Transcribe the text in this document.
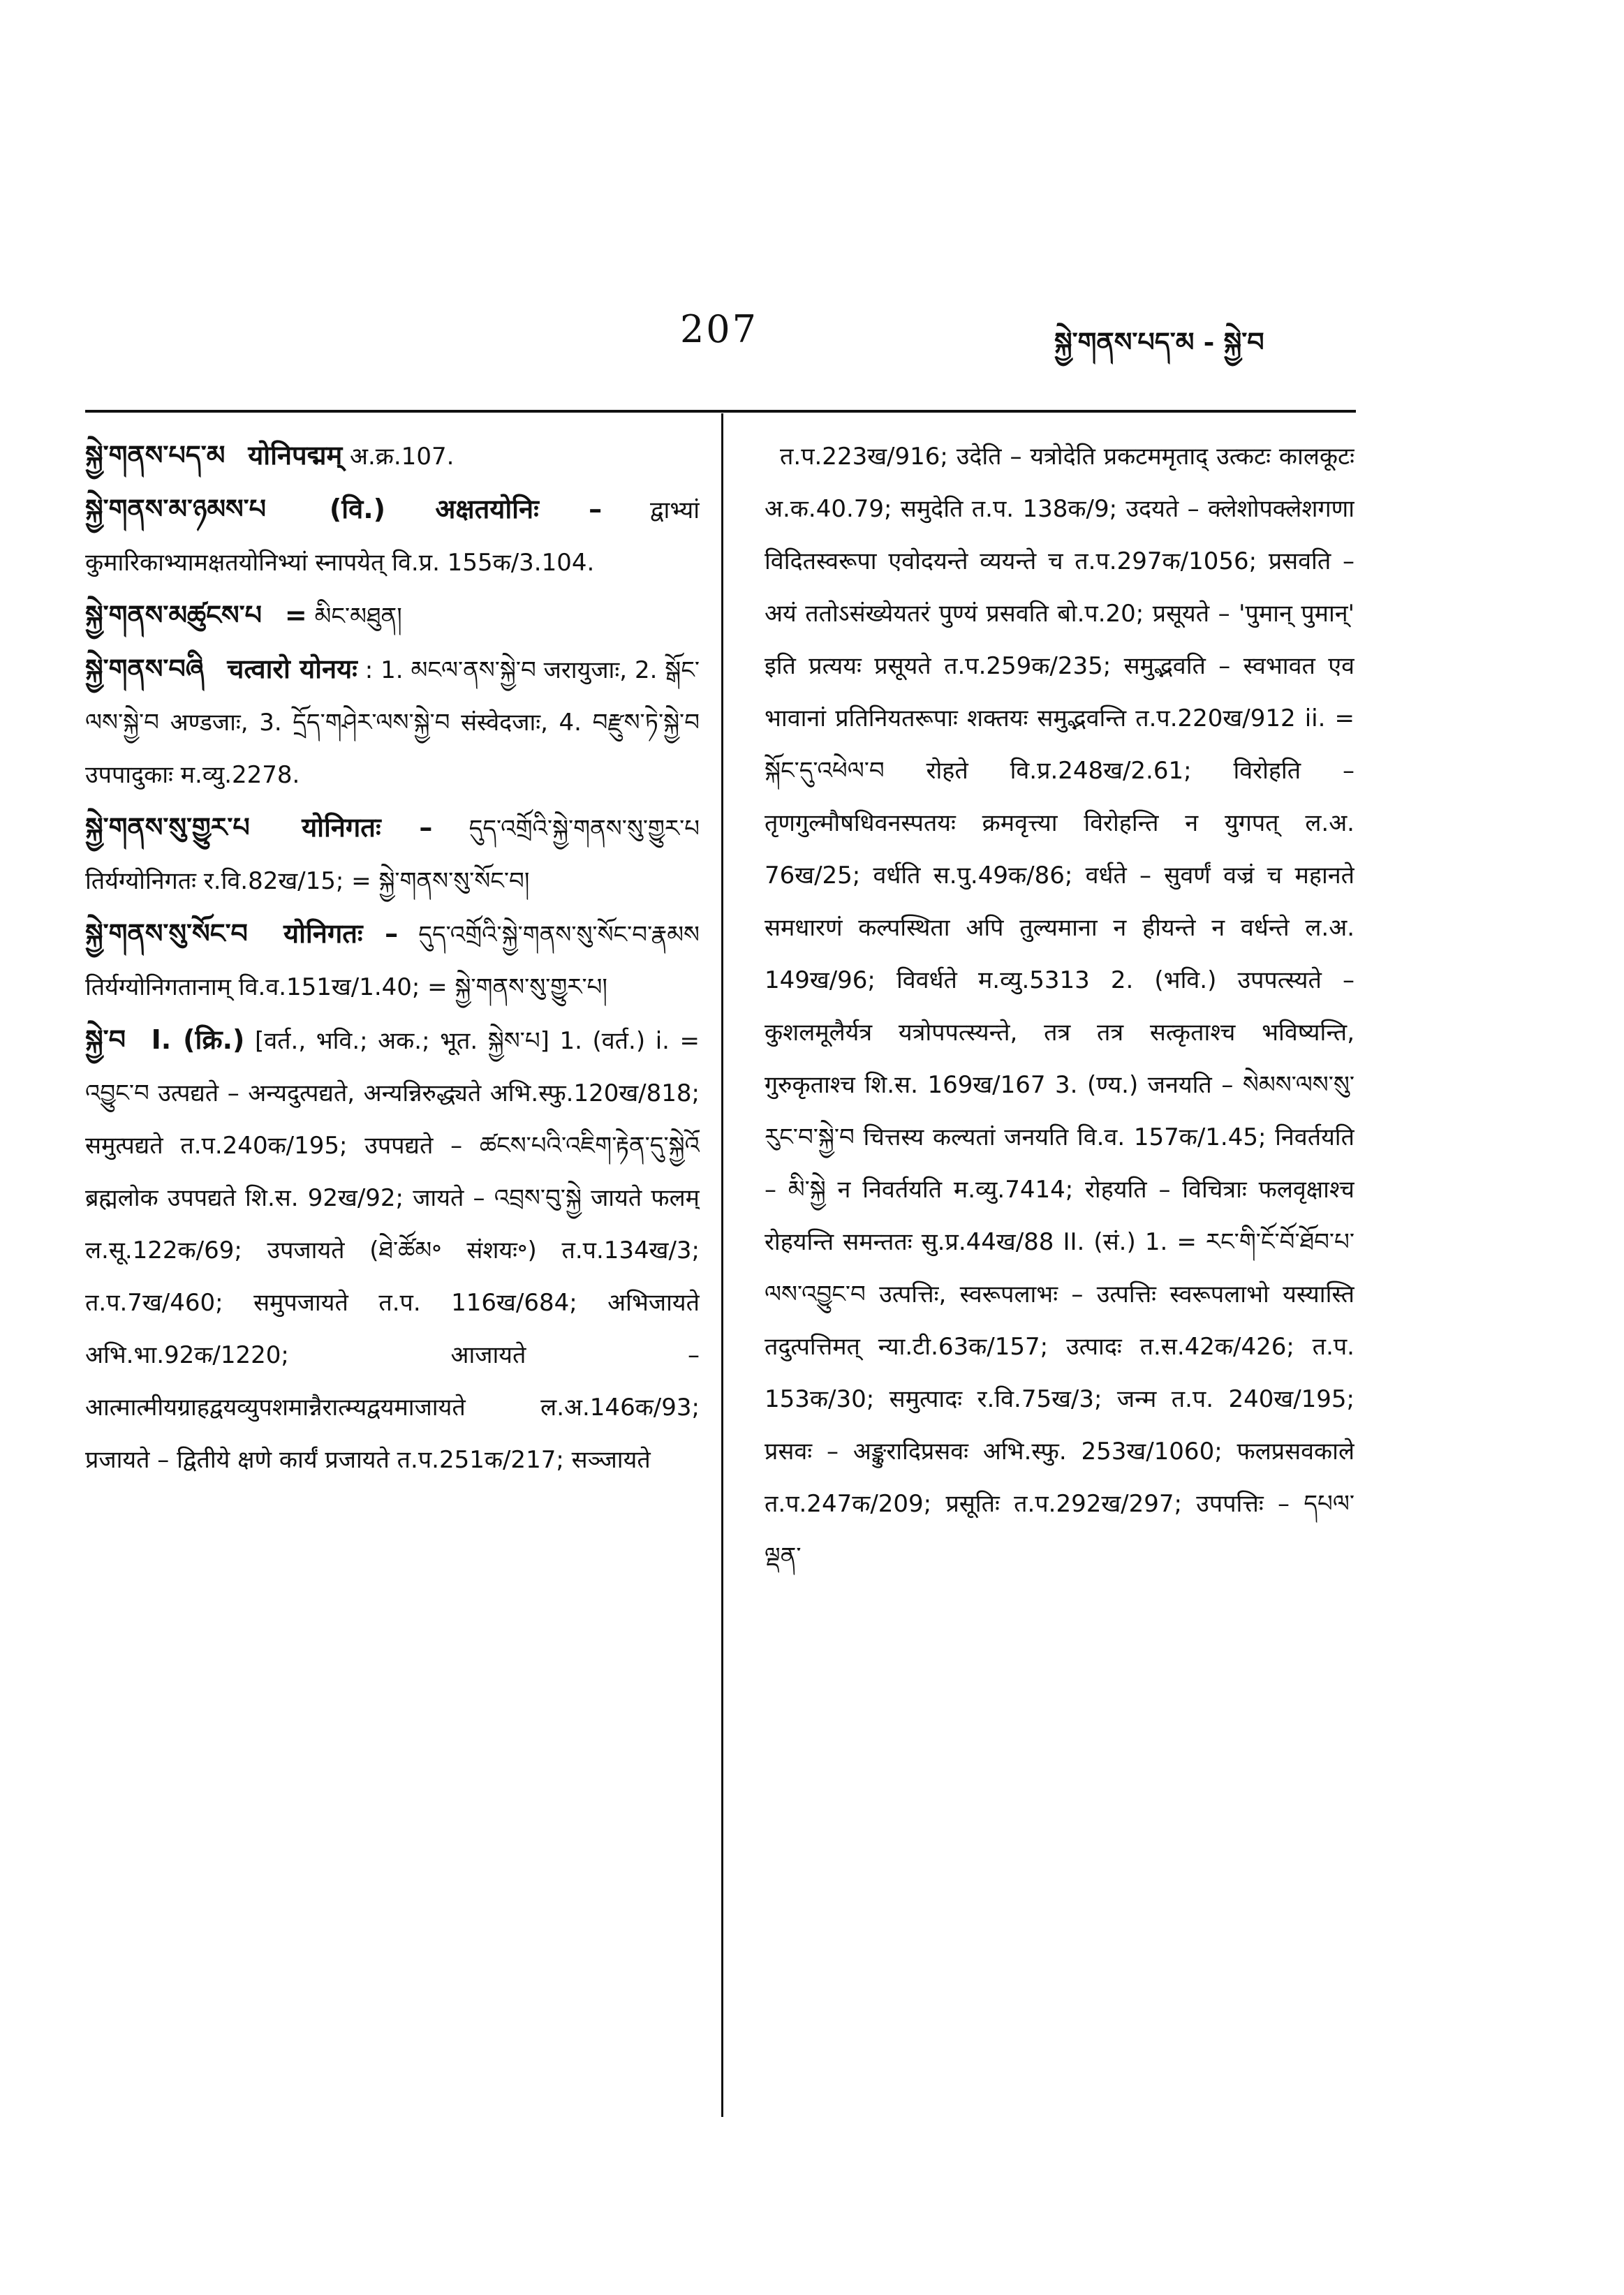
207	སྐྱེ་གནས་པད་མ - སྐྱེ་བ

སྐྱེ་གནས་པད་མ योनिपद्मम् अ.क्र.107.

སྐྱེ་གནས་མ་ཉམས་པ (वि.) अक्षतयोनिः – द्वाभ्यां कुमारिकाभ्यामक्षतयोनिभ्यां स्नापयेत् वि.प्र. 155क/3.104.

སྐྱེ་གནས་མཚུངས་པ = མིང་མཐུན།

སྐྱེ་གནས་བཞི चत्वारो योनयः : 1. མངལ་ནས་སྐྱེ་བ जरायुजाः, 2. སྒོང་ལས་སྐྱེ་བ अण्डजाः, 3. དྲོད་གཤེར་ལས་སྐྱེ་བ संस्वेदजाः, 4. བརྫུས་ཏེ་སྐྱེ་བ उपपादुकाः म.व्यु.2278.

སྐྱེ་གནས་སུ་གྱུར་པ योनिगतः – དུད་འགྲོའི་སྐྱེ་གནས་སུ་གྱུར་པ तिर्यग्योनिगतः र.वि.82ख/15; = སྐྱེ་གནས་སུ་སོང་བ།

སྐྱེ་གནས་སུ་སོང་བ योनिगतः – དུད་འགྲོའི་སྐྱེ་གནས་སུ་སོང་བ་རྣམས तिर्यग्योनिगतानाम् वि.व.151ख/1.40; = སྐྱེ་གནས་སུ་གྱུར་པ།

སྐྱེ་བ I. (क्रि.) [वर्त., भवि.; अक.; भूत. སྐྱེས་པ] 1. (वर्त.) i. = འབྱུང་བ उत्पद्यते – अन्यदुत्पद्यते, अन्यन्निरुद्ध्यते अभि.स्फु.120ख/818; समुत्पद्यते त.प.240क/195; उपपद्यते – ཚངས་པའི་འཇིག་རྟེན་དུ་སྐྱེའོ ब्रह्मलोक उपपद्यते शि.स. 92ख/92; जायते – འབྲས་བུ་སྐྱེ जायते फलम् ल.सू.122क/69; उपजायते (ཐེ་ཚོམ॰ संशयः॰) त.प.134ख/3; त.प.7ख/460; समुपजायते त.प. 116ख/684; अभिजायते अभि.भा.92क/1220; आजायते – आत्मात्मीयग्राहद्वयव्युपशमान्नैरात्म्यद्वयमाजायते ल.अ.146क/93; प्रजायते – द्वितीये क्षणे कार्यं प्रजायते त.प.251क/217; सञ्जायते

त.प.223ख/916; उदेति – यत्रोदेति प्रकटममृताद् उत्कटः कालकूटः अ.क.40.79; समुदेति त.प. 138क/9; उदयते – क्लेशोपक्लेशगणा विदितस्वरूपा एवोदयन्ते व्ययन्ते च त.प.297क/1056; प्रसवति – अयं ततोऽसंख्येयतरं पुण्यं प्रसवति बो.प.20; प्रसूयते – 'पुमान् पुमान्' इति प्रत्ययः प्रसूयते त.प.259क/235; समुद्भवति – स्वभावत एव भावानां प्रतिनियतरूपाः शक्तयः समुद्भवन्ति त.प.220ख/912 ii. = སྐོང་དུ་འཕེལ་བ रोहते वि.प्र.248ख/2.61; विरोहति – तृणगुल्मौषधिवनस्पतयः क्रमवृत्त्या विरोहन्ति न युगपत् ल.अ. 76ख/25; वर्धति स.पु.49क/86; वर्धते – सुवर्णं वज्रं च महानते समधारणं कल्पस्थिता अपि तुल्यमाना न हीयन्ते न वर्धन्ते ल.अ. 149ख/96; विवर्धते म.व्यु.5313 2. (भवि.) उपपत्स्यते – कुशलमूलैर्यत्र यत्रोपपत्स्यन्ते, तत्र तत्र सत्कृताश्च भविष्यन्ति, गुरुकृताश्च शि.स. 169ख/167 3. (ण्य.) जनयति – སེམས་ལས་སུ་རུང་བ་སྐྱེ་བ चित्तस्य कल्यतां जनयति वि.व. 157क/1.45; निवर्तयति – མི་སྐྱེ न निवर्तयति म.व्यु.7414; रोहयति – विचित्राः फलवृक्षाश्च रोहयन्ति समन्ततः सु.प्र.44ख/88 II. (सं.) 1. = རང་གི་ངོ་བོ་ཐོབ་པ་ལས་འབྱུང་བ उत्पत्तिः, स्वरूपलाभः – उत्पत्तिः स्वरूपलाभो यस्यास्ति तदुत्पत्तिमत् न्या.टी.63क/157; उत्पादः त.स.42क/426; त.प. 153क/30; समुत्पादः र.वि.75ख/3; जन्म त.प. 240ख/195; प्रसवः – अङ्कुरादिप्रसवः अभि.स्फु. 253ख/1060; फलप्रसवकाले त.प.247क/209; प्रसूतिः त.प.292ख/297; उपपत्तिः – དཔལ་ལྡན་
